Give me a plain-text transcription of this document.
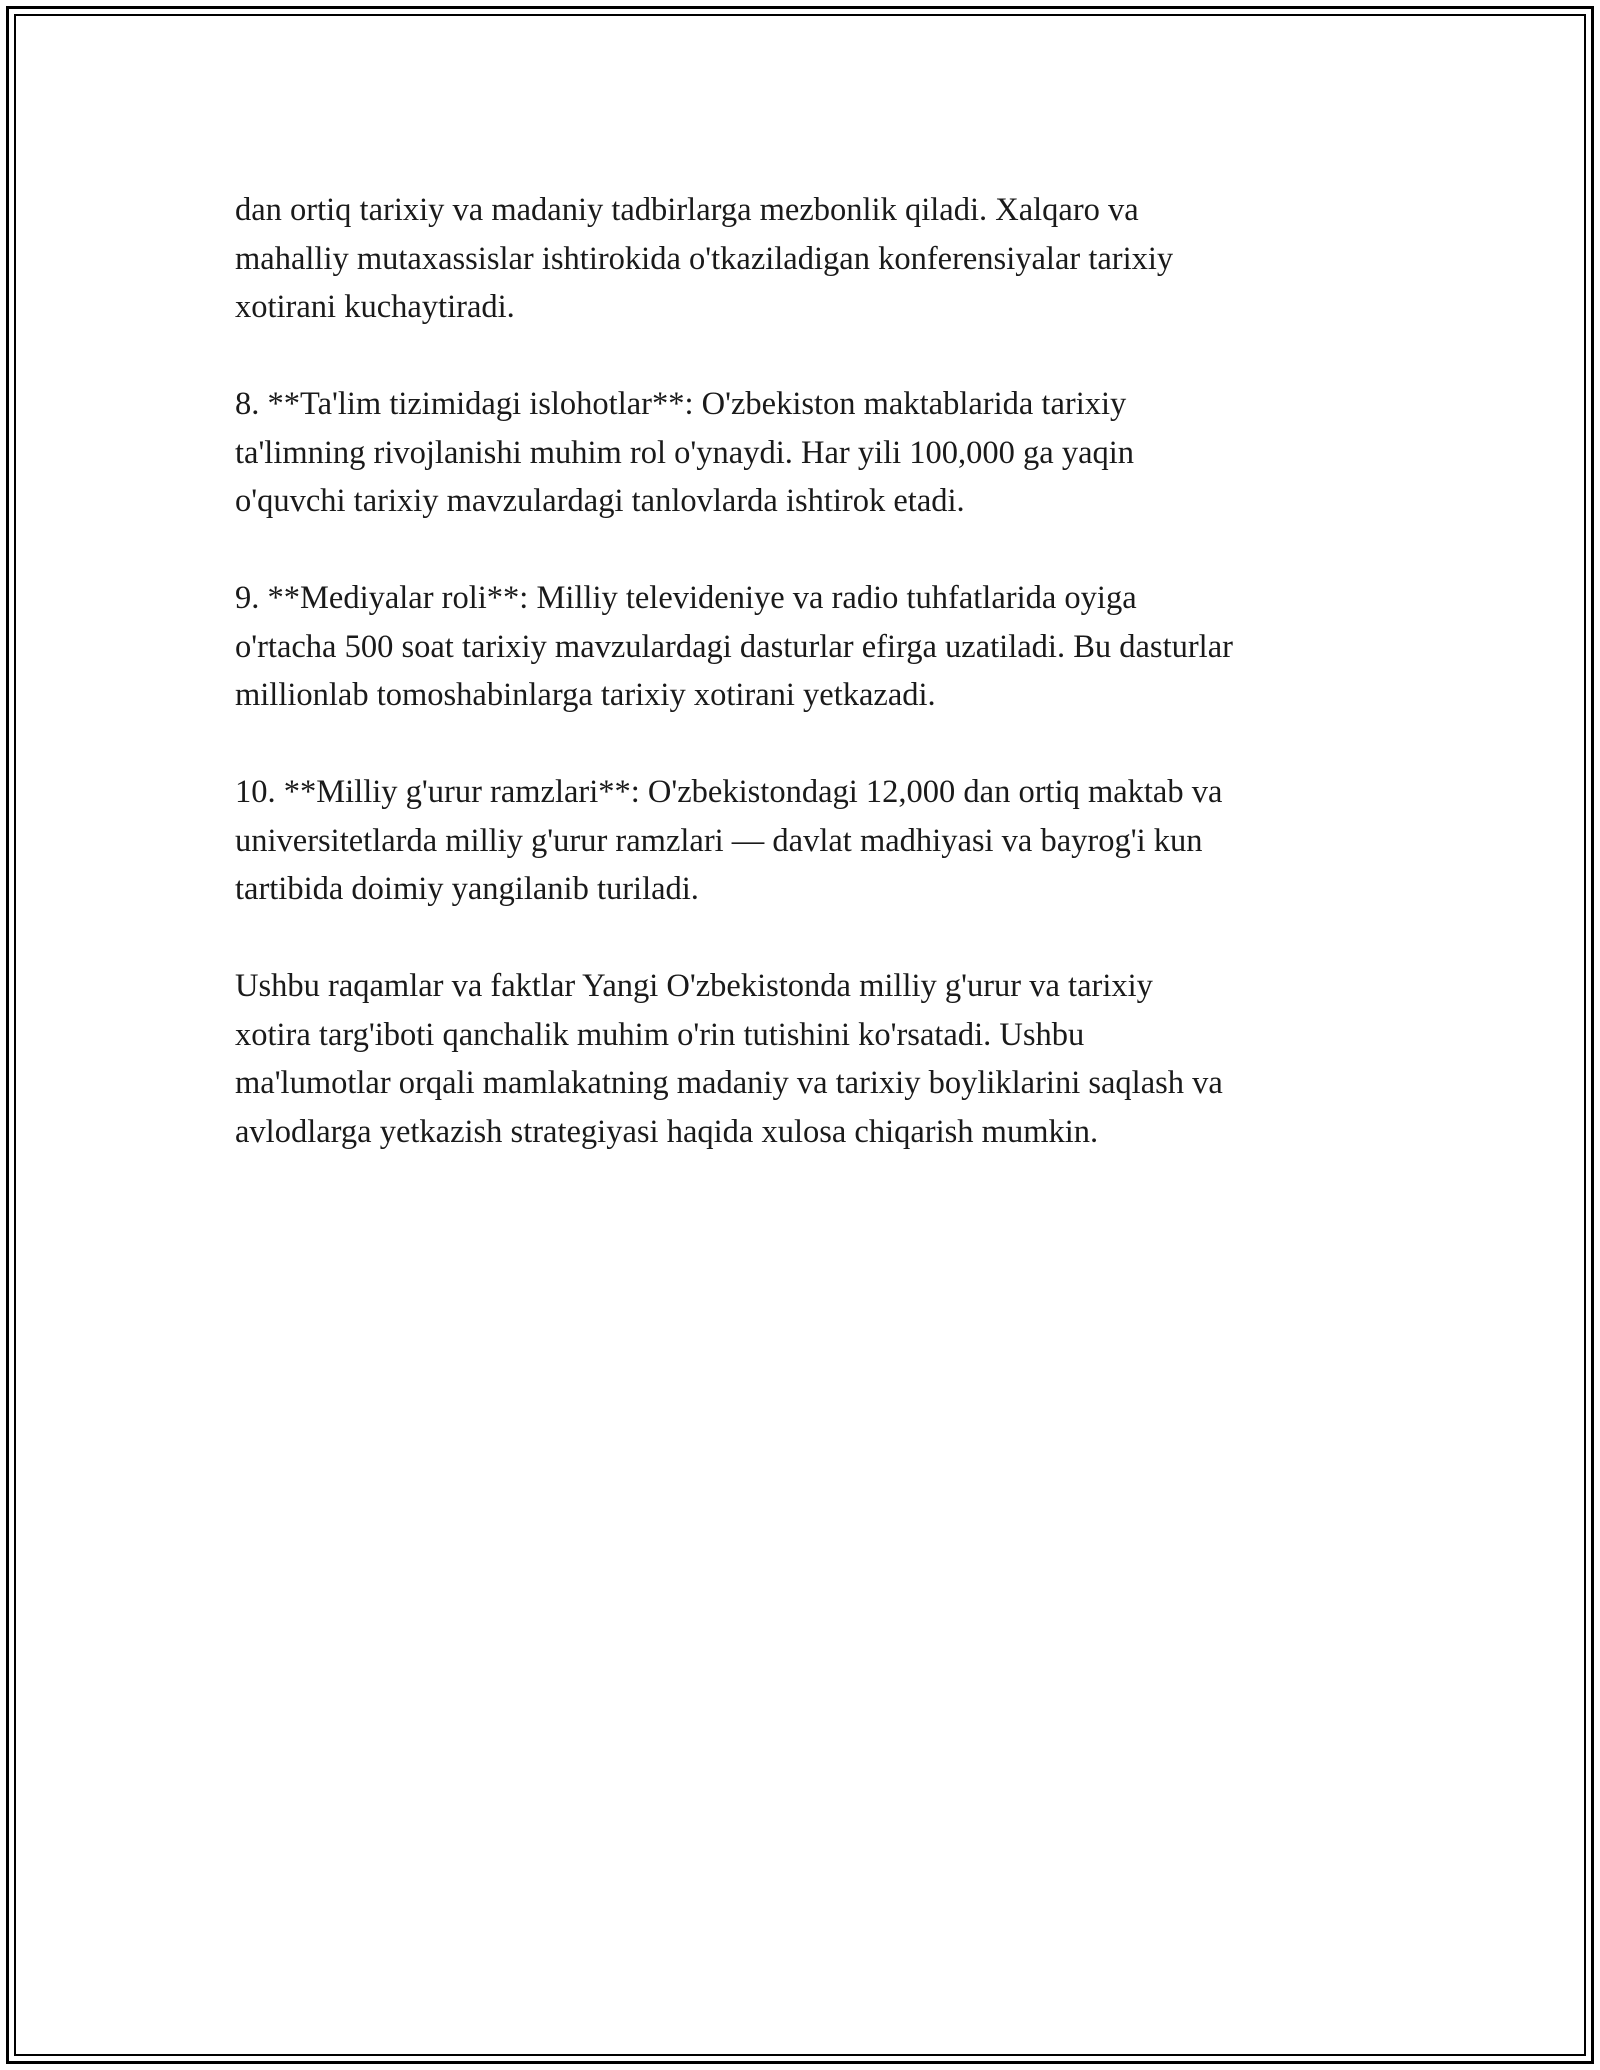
dan ortiq tarixiy va madaniy tadbirlarga mezbonlik qiladi. Xalqaro va
mahalliy mutaxassislar ishtirokida o'tkaziladigan konferensiyalar tarixiy
xotirani kuchaytiradi.

8. **Ta'lim tizimidagi islohotlar**: O'zbekiston maktablarida tarixiy
ta'limning rivojlanishi muhim rol o'ynaydi. Har yili 100,000 ga yaqin
o'quvchi tarixiy mavzulardagi tanlovlarda ishtirok etadi.

9. **Mediyalar roli**: Milliy televideniye va radio tuhfatlarida oyiga
o'rtacha 500 soat tarixiy mavzulardagi dasturlar efirga uzatiladi. Bu dasturlar
millionlab tomoshabinlarga tarixiy xotirani yetkazadi.

10. **Milliy g'urur ramzlari**: O'zbekistondagi 12,000 dan ortiq maktab va
universitetlarda milliy g'urur ramzlari — davlat madhiyasi va bayrog'i kun
tartibida doimiy yangilanib turiladi.

Ushbu raqamlar va faktlar Yangi O'zbekistonda milliy g'urur va tarixiy
xotira targ'iboti qanchalik muhim o'rin tutishini ko'rsatadi. Ushbu
ma'lumotlar orqali mamlakatning madaniy va tarixiy boyliklarini saqlash va
avlodlarga yetkazish strategiyasi haqida xulosa chiqarish mumkin.
